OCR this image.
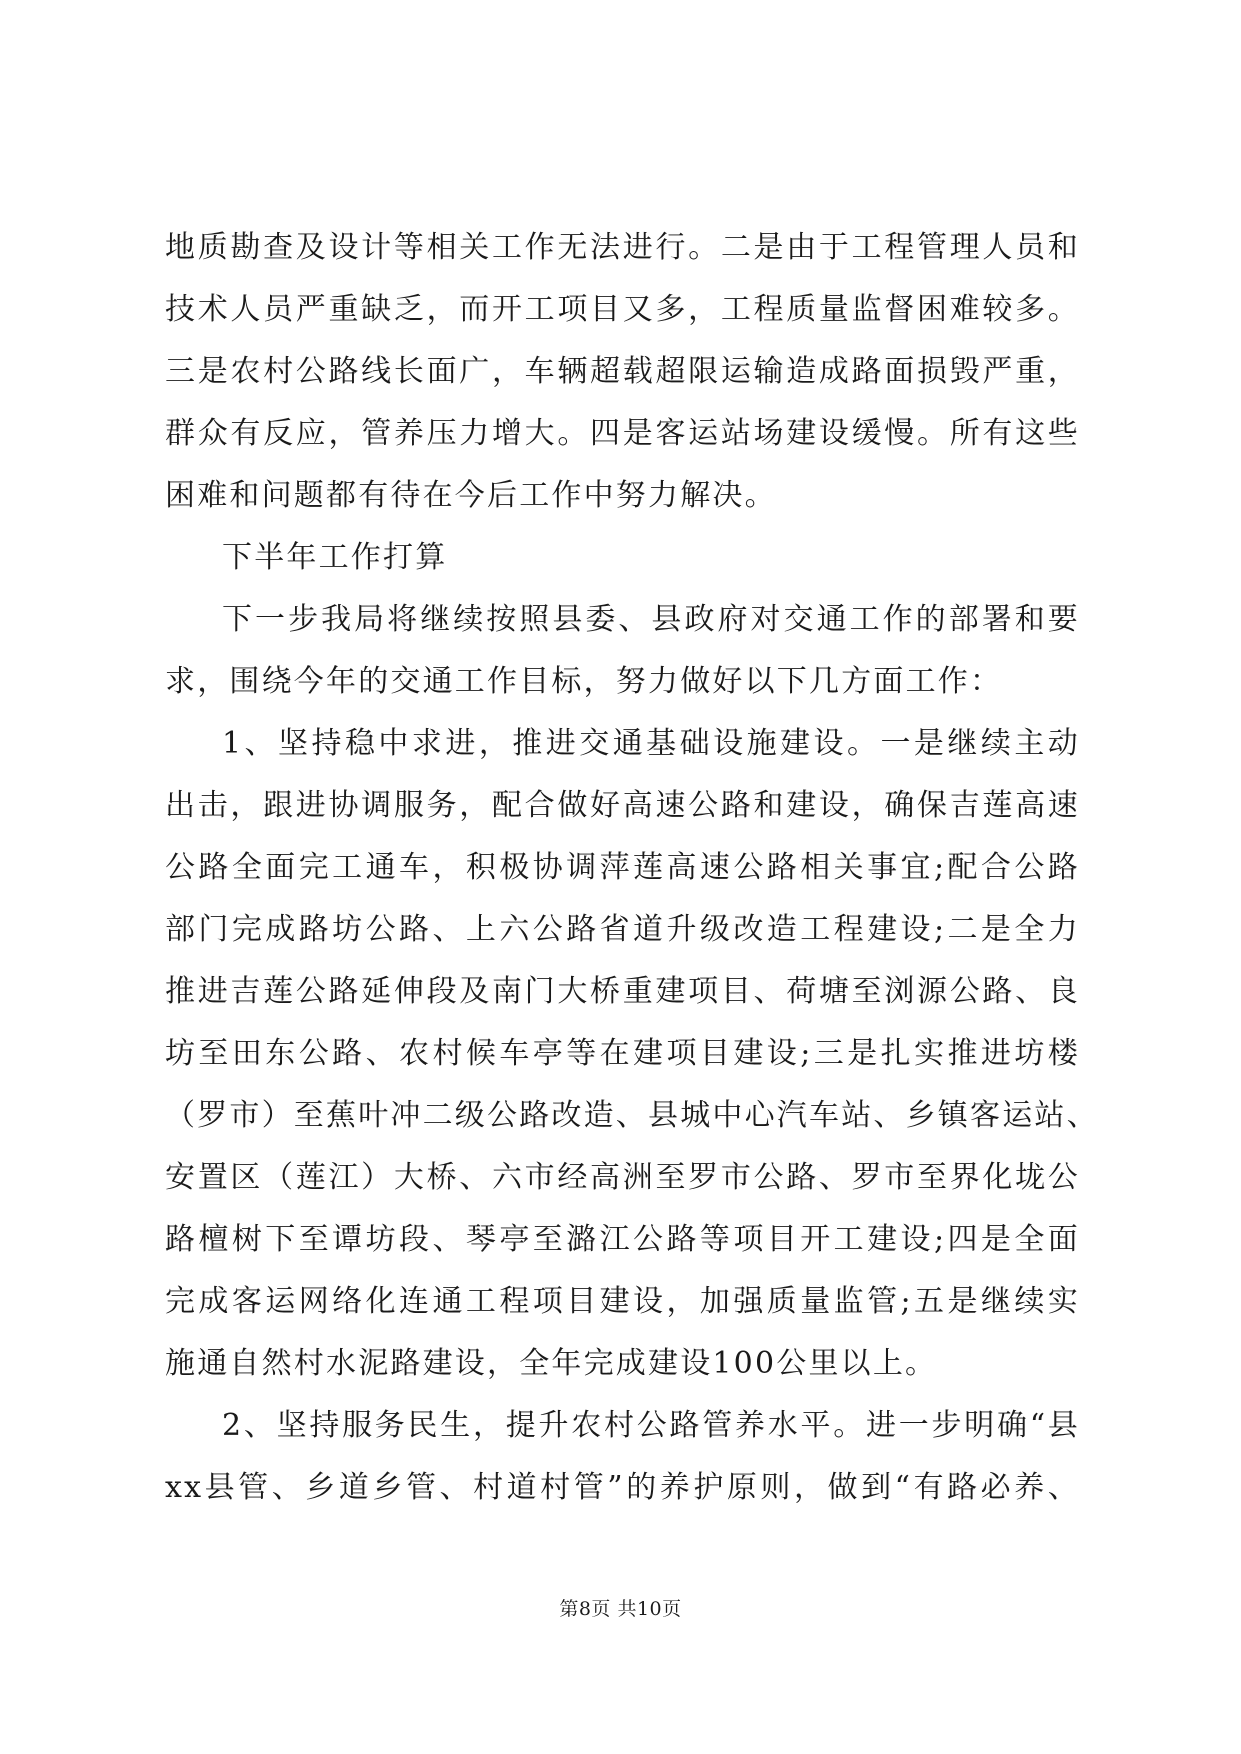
地质勘查及设计等相关工作无法进行。二是由于工程管理人员和
技术人员严重缺乏，而开工项目又多，工程质量监督困难较多。
三是农村公路线长面广，车辆超载超限运输造成路面损毁严重，
群众有反应，管养压力增大。四是客运站场建设缓慢。所有这些
困难和问题都有待在今后工作中努力解决。
下半年工作打算
下一步我局将继续按照县委、县政府对交通工作的部署和要
求，围绕今年的交通工作目标，努力做好以下几方面工作：
1、坚持稳中求进，推进交通基础设施建设。一是继续主动
出击，跟进协调服务，配合做好高速公路和建设，确保吉莲高速
公路全面完工通车，积极协调萍莲高速公路相关事宜;配合公路
部门完成路坊公路、上六公路省道升级改造工程建设;二是全力
推进吉莲公路延伸段及南门大桥重建项目、荷塘至浏源公路、良
坊至田东公路、农村候车亭等在建项目建设;三是扎实推进坊楼
（罗市）至蕉叶冲二级公路改造、县城中心汽车站、乡镇客运站、
安置区（莲江）大桥、六市经高洲至罗市公路、罗市至界化垅公
路檀树下至谭坊段、琴亭至潞江公路等项目开工建设;四是全面
完成客运网络化连通工程项目建设，加强质量监管;五是继续实
施通自然村水泥路建设，全年完成建设100公里以上。
2、坚持服务民生，提升农村公路管养水平。进一步明确“县
xx县管、乡道乡管、村道村管”的养护原则，做到“有路必养、
第8页 共10页
